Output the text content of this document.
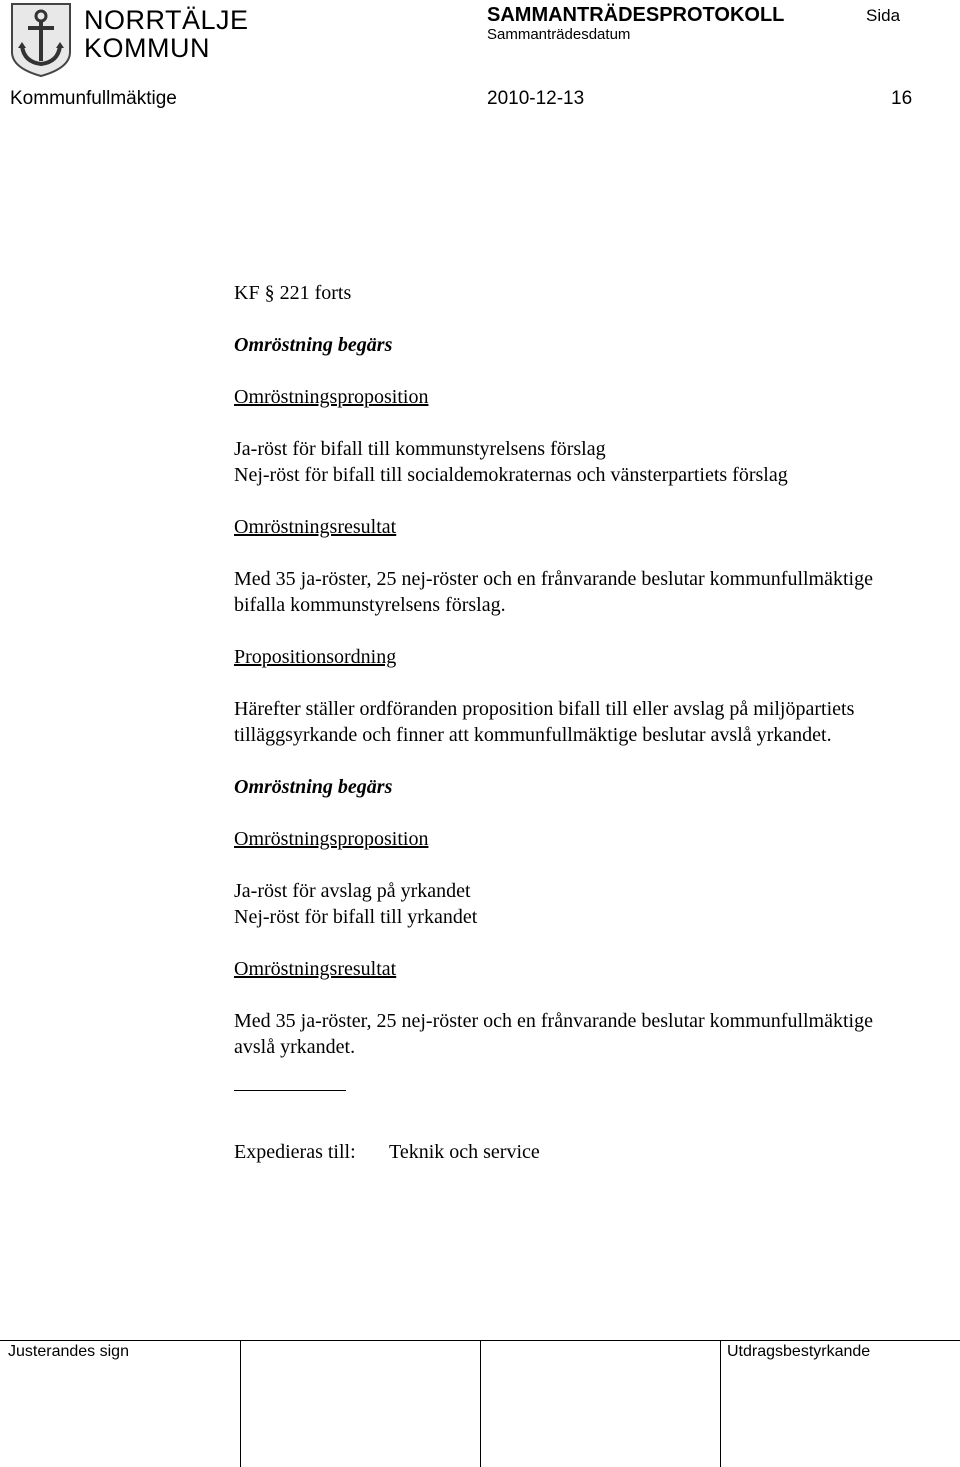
NORRTÄLJE
KOMMUN
SAMMANTRÄDESPROTOKOLL	Sida
Sammanträdesdatum
Kommunfullmäktige	2010-12-13	16

KF § 221 forts

Omröstning begärs

Omröstningsproposition

Ja-röst för bifall till kommunstyrelsens förslag

Nej-röst för bifall till socialdemokraternas och vänsterpartiets förslag

Omröstningsresultat

Med 35 ja-röster, 25 nej-röster och en frånvarande beslutar kommunfullmäktige

bifalla kommunstyrelsens förslag.

Propositionsordning

Härefter ställer ordföranden proposition bifall till eller avslag på miljöpartiets

tilläggsyrkande och finner att kommunfullmäktige beslutar avslå yrkandet.

Omröstning begärs

Omröstningsproposition

Ja-röst för avslag på yrkandet

Nej-röst för bifall till yrkandet

Omröstningsresultat

Med 35 ja-röster, 25 nej-röster och en frånvarande beslutar kommunfullmäktige

avslå yrkandet.

Expedieras till: Teknik och service

Justerandes sign	Utdragsbestyrkande
